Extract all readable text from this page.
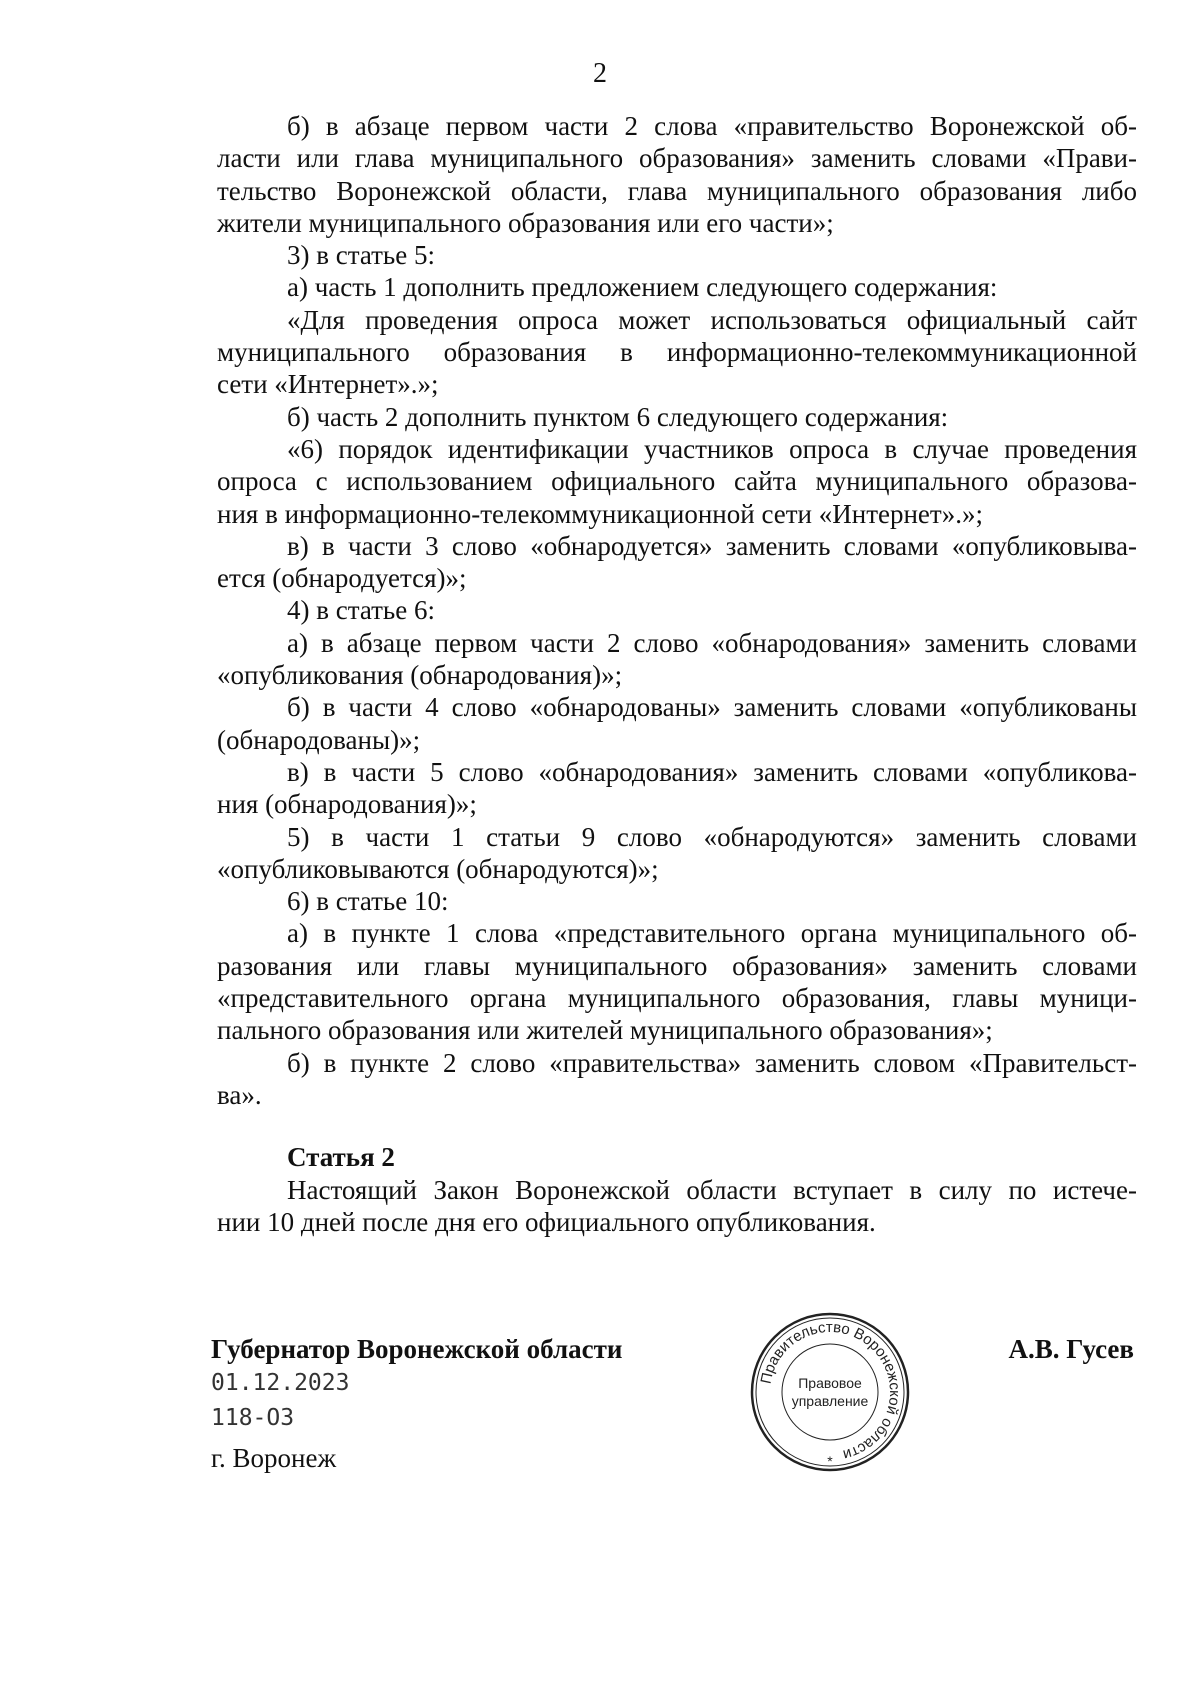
2
б) в абзаце первом части 2 слова «правительство Воронежской об-
ласти или глава муниципального образования» заменить словами «Прави-
тельство Воронежской области, глава муниципального образования либо
жители муниципального образования или его части»;
3) в статье 5:
а) часть 1 дополнить предложением следующего содержания:
«Для проведения опроса может использоваться официальный сайт
муниципального образования в информационно-телекоммуникационной
сети «Интернет».»;
б) часть 2 дополнить пунктом 6 следующего содержания:
«6) порядок идентификации участников опроса в случае проведения
опроса с использованием официального сайта муниципального образова-
ния в информационно-телекоммуникационной сети «Интернет».»;
в) в части 3 слово «обнародуется» заменить словами «опубликовыва-
ется (обнародуется)»;
4) в статье 6:
а) в абзаце первом части 2 слово «обнародования» заменить словами
«опубликования (обнародования)»;
б) в части 4 слово «обнародованы» заменить словами «опубликованы
(обнародованы)»;
в) в части 5 слово «обнародования» заменить словами «опубликова-
ния (обнародования)»;
5) в части 1 статьи 9 слово «обнародуются» заменить словами
«опубликовываются (обнародуются)»;
6) в статье 10:
а) в пункте 1 слова «представительного органа муниципального об-
разования или главы муниципального образования» заменить словами
«представительного органа муниципального образования, главы муници-
пального образования или жителей муниципального образования»;
б) в пункте 2 слово «правительства» заменить словом «Правительст-
ва».
Статья 2
Настоящий Закон Воронежской области вступает в силу по истече-
нии 10 дней после дня его официального опубликования.
Губернатор Воронежской области
01.12.2023
118-ОЗ
г. Воронеж
А.В. Гусев
Правительство Воронежской области
Правовое
управление
*
